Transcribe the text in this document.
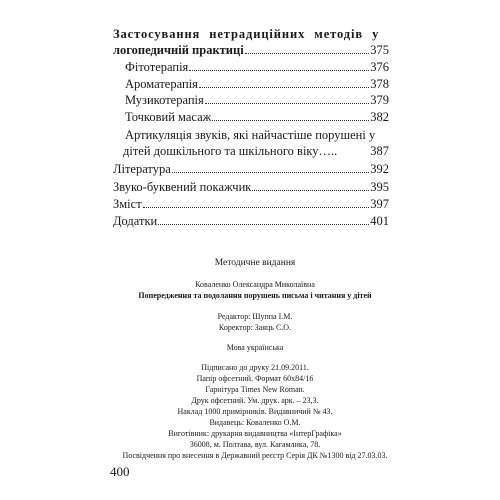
Застосування нетрадиційних методів у
логопедичній практиці	375
Фітотерапія	376
Ароматерапія	378
Музикотерапія	379
Точковий масаж	382
Артикуляція звуків, які найчастіше порушені у
дітей дошкільного та шкільного віку…..	387
Література	392
Звуко-буквений покажчик	395
Зміст	397
Додатки	401
Методичне видання
Коваленко Олександра Миколаївна
Попередження та подолання порушень письма і читання у дітей
Редактор: Шуппа І.М.
Коректор: Заяць С.О.
Мова українська
Підписано до друку 21.09.2011.
Папір офсетний. Формат 60х84/16
Гарнітура Times New Roman.
Друк офсетний. Ум. друк. арк. – 23,3.
Наклад 1000 примірників. Видавничий № 43.
Видавець: Коваленко О.М.
Виготівник: друкарня видавництва «ІнтерГрафіка»
36008, м. Полтава, вул. Кагамлика, 78.
Посвідчення про внесення в Державний реєстр Серія ДК №1300 від 27.03.03.
400
